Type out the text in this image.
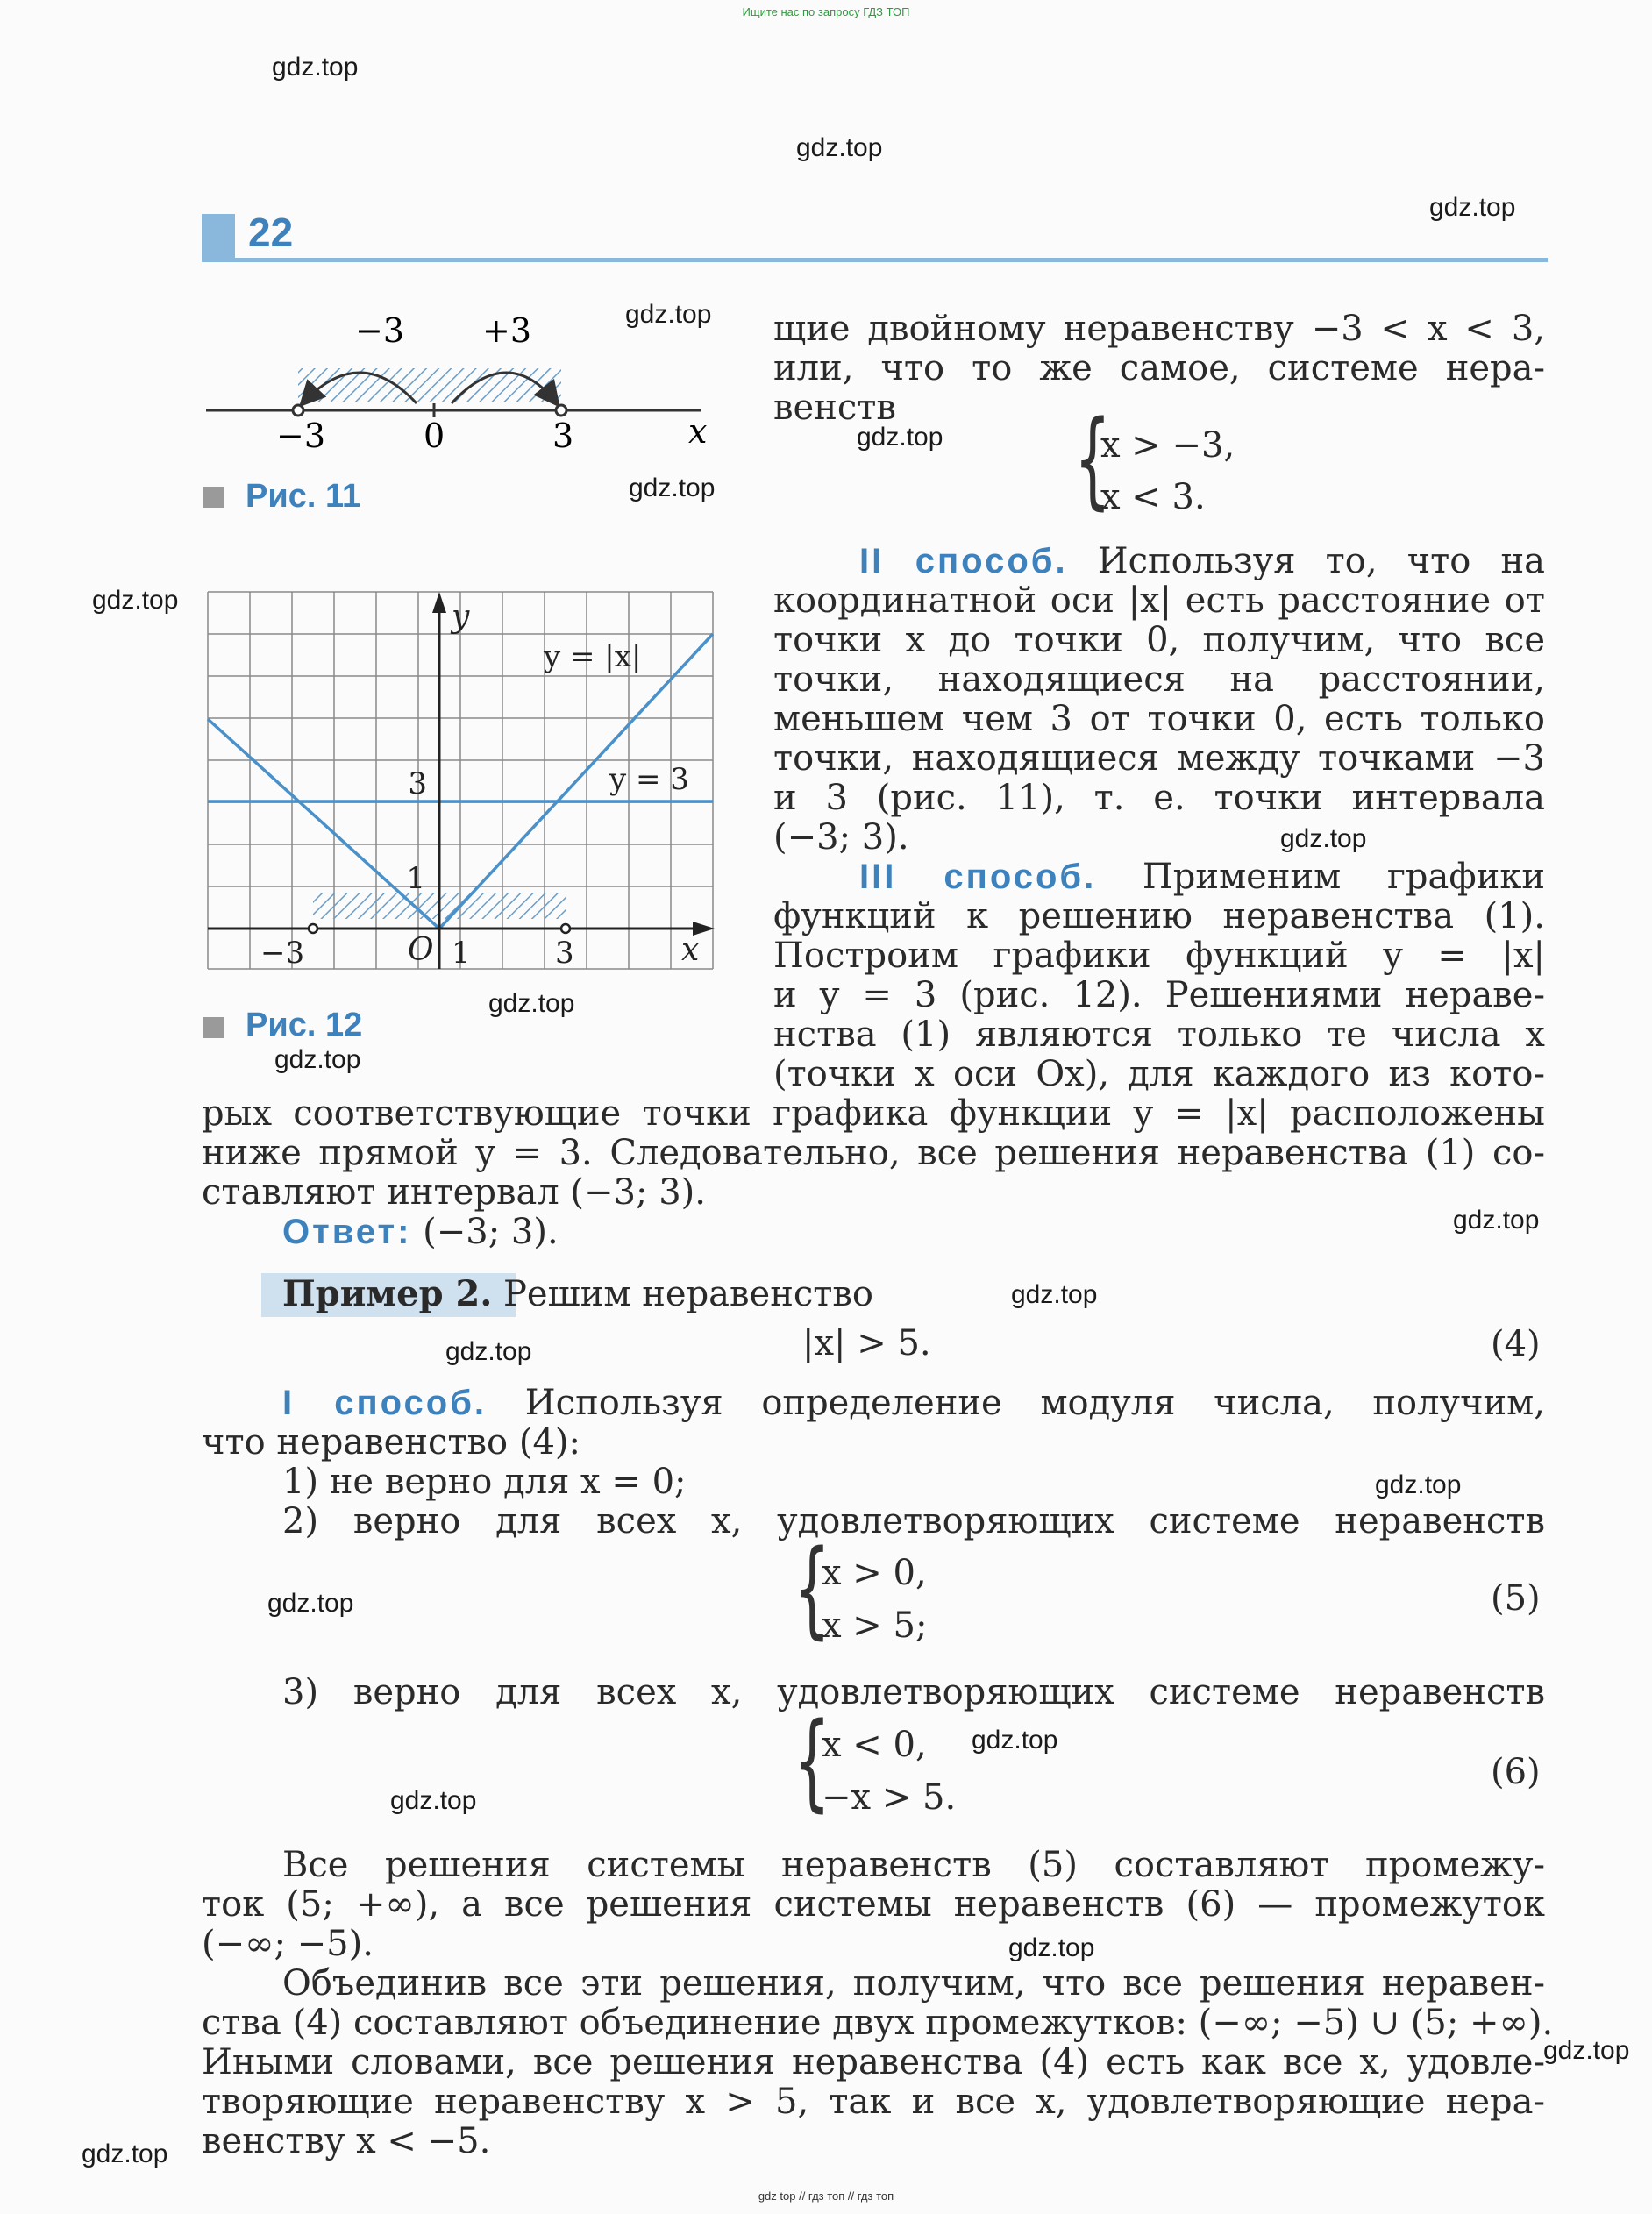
Ищите нас по запросу ГДЗ ТОП
22
−3 +3
−3	0	3	x
Рис. 11
y
y = |x|
y = 3
3
1
O
−3	1	3	x
Рис. 12
щие двойному неравенству −3 < x < 3,
или, что то же самое, системе нера-
венств {
x > −3,
x < 3.
II способ. Используя то, что на
координатной оси |x| есть расстояние от
точки x до точки 0, получим, что все
точки, находящиеся на расстоянии,
меньшем чем 3 от точки 0, есть только
точки, находящиеся между точками −3
и 3 (рис. 11), т. е. точки интервала
(−3; 3).
III способ. Применим графики
функций к решению неравенства (1).
Построим графики функций y = |x|
и y = 3 (рис. 12). Решениями нераве-
нства (1) являются только те числа x
(точки x оси Ox), для каждого из кото-
рых соответствующие точки графика функции y = |x| расположены
ниже прямой y = 3. Следовательно, все решения неравенства (1) со-
ставляют интервал (−3; 3).
Ответ: (−3; 3).
Пример 2. Решим неравенство
|x| > 5.	(4)
I способ. Используя определение модуля числа, получим,
что неравенство (4):
1) не верно для x = 0;
2) верно для всех x, удовлетворяющих системе неравенств
{
x > 0,
x > 5;
(5)
3) верно для всех x, удовлетворяющих системе неравенств
{
x < 0,
−x > 5.
(6)
Все решения системы неравенств (5) составляют промежу-
ток (5; +∞), а все решения системы неравенств (6) — промежуток
(−∞; −5).
Объединив все эти решения, получим, что все решения неравен-
ства (4) составляют объединение двух промежутков: (−∞; −5) ∪ (5; +∞).
Иными словами, все решения неравенства (4) есть как все x, удовле-
творяющие неравенству x > 5, так и все x, удовлетворяющие нера-
венству x < −5.
gdz.top
gdz.top
gdz.top
gdz.top
gdz.top
gdz.top
gdz.top
gdz.top
gdz.top
gdz.top
gdz.top
gdz.top
gdz.top
gdz.top
gdz.top
gdz.top
gdz.top
gdz.top
gdz.top
gdz.top
gdz top // гдз топ // гдз топ
